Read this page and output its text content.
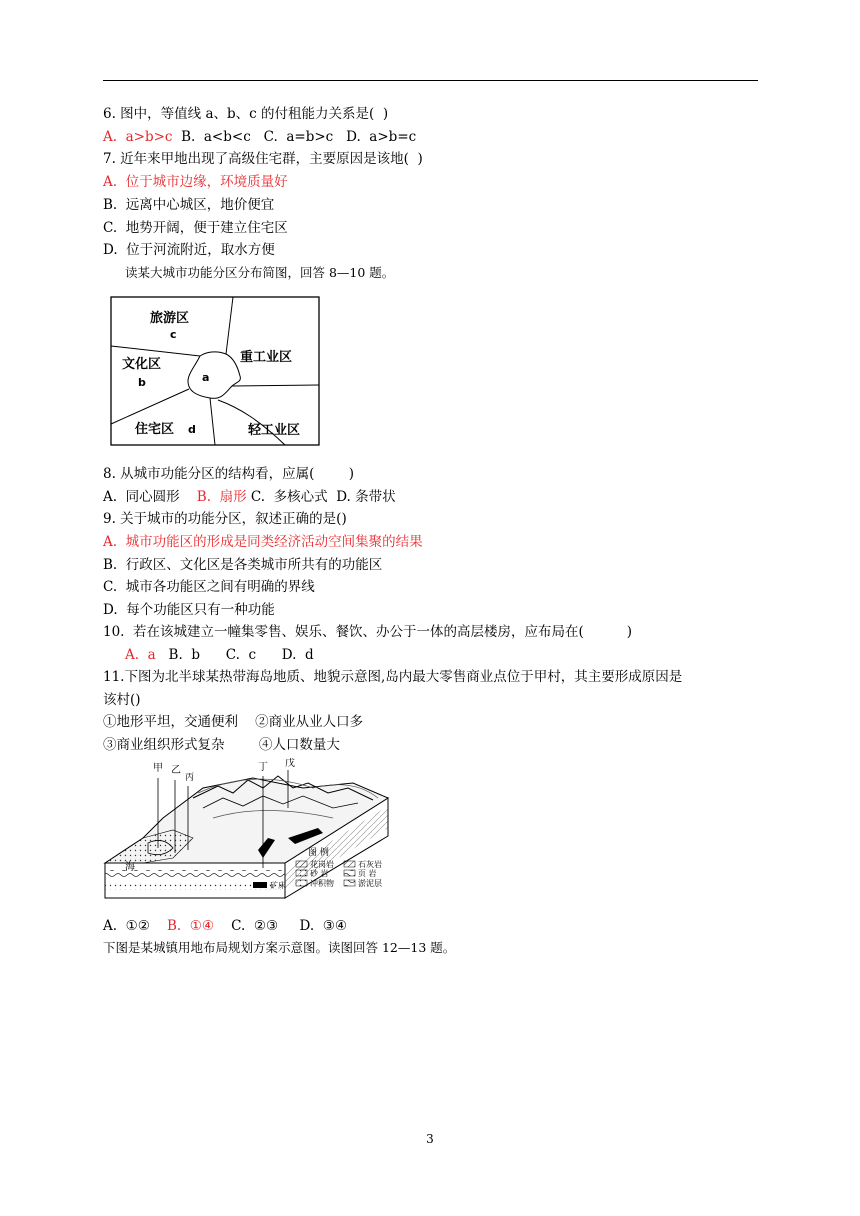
6. 图中，等值线 a、b、c 的付租能力关系是(  )
A.  a>b>c  B.  a<b<c   C.  a=b>c   D.  a>b=c
7. 近年来甲地出现了高级住宅群，主要原因是该地(  )
A.  位于城市边缘，环境质量好
B.  远离中心城区，地价便宜
C.  地势开阔，便于建立住宅区
D.  位于河流附近，取水方便
读某大城市功能分区分布简图，回答 8—10 题。
旅游区
c
文化区
b	a
重工业区
住宅区 d	轻工业区
8. 从城市功能分区的结构看，应属(        )
A.  同心圆形    B.  扇形 C.  多核心式  D. 条带状
9. 关于城市的功能分区，叙述正确的是()
A.  城市功能区的形成是同类经济活动空间集聚的结果
B.  行政区、文化区是各类城市所共有的功能区
C.  城市各功能区之间有明确的界线
D.  每个功能区只有一种功能
10.  若在该城建立一幢集零售、娱乐、餐饮、办公于一体的高层楼房，应布局在(          )
A.  a   B.  b      C.  c      D.  d
11.下图为北半球某热带海岛地质、地貌示意图,岛内最大零售商业点位于甲村，其主要形成原因是
该村()
①地形平坦，交通便利    ②商业从业人口多
③商业组织形式复杂        ④人口数量大
甲 乙
丙
丁 戊
海
图 例
花岗岩	石灰岩
砂 岩	页 岩
矿床	冲积物	淤泥层
A.  ①②    B.  ①④    C.  ②③     D.  ③④
下图是某城镇用地布局规划方案示意图。读图回答 12—13 题。
3
